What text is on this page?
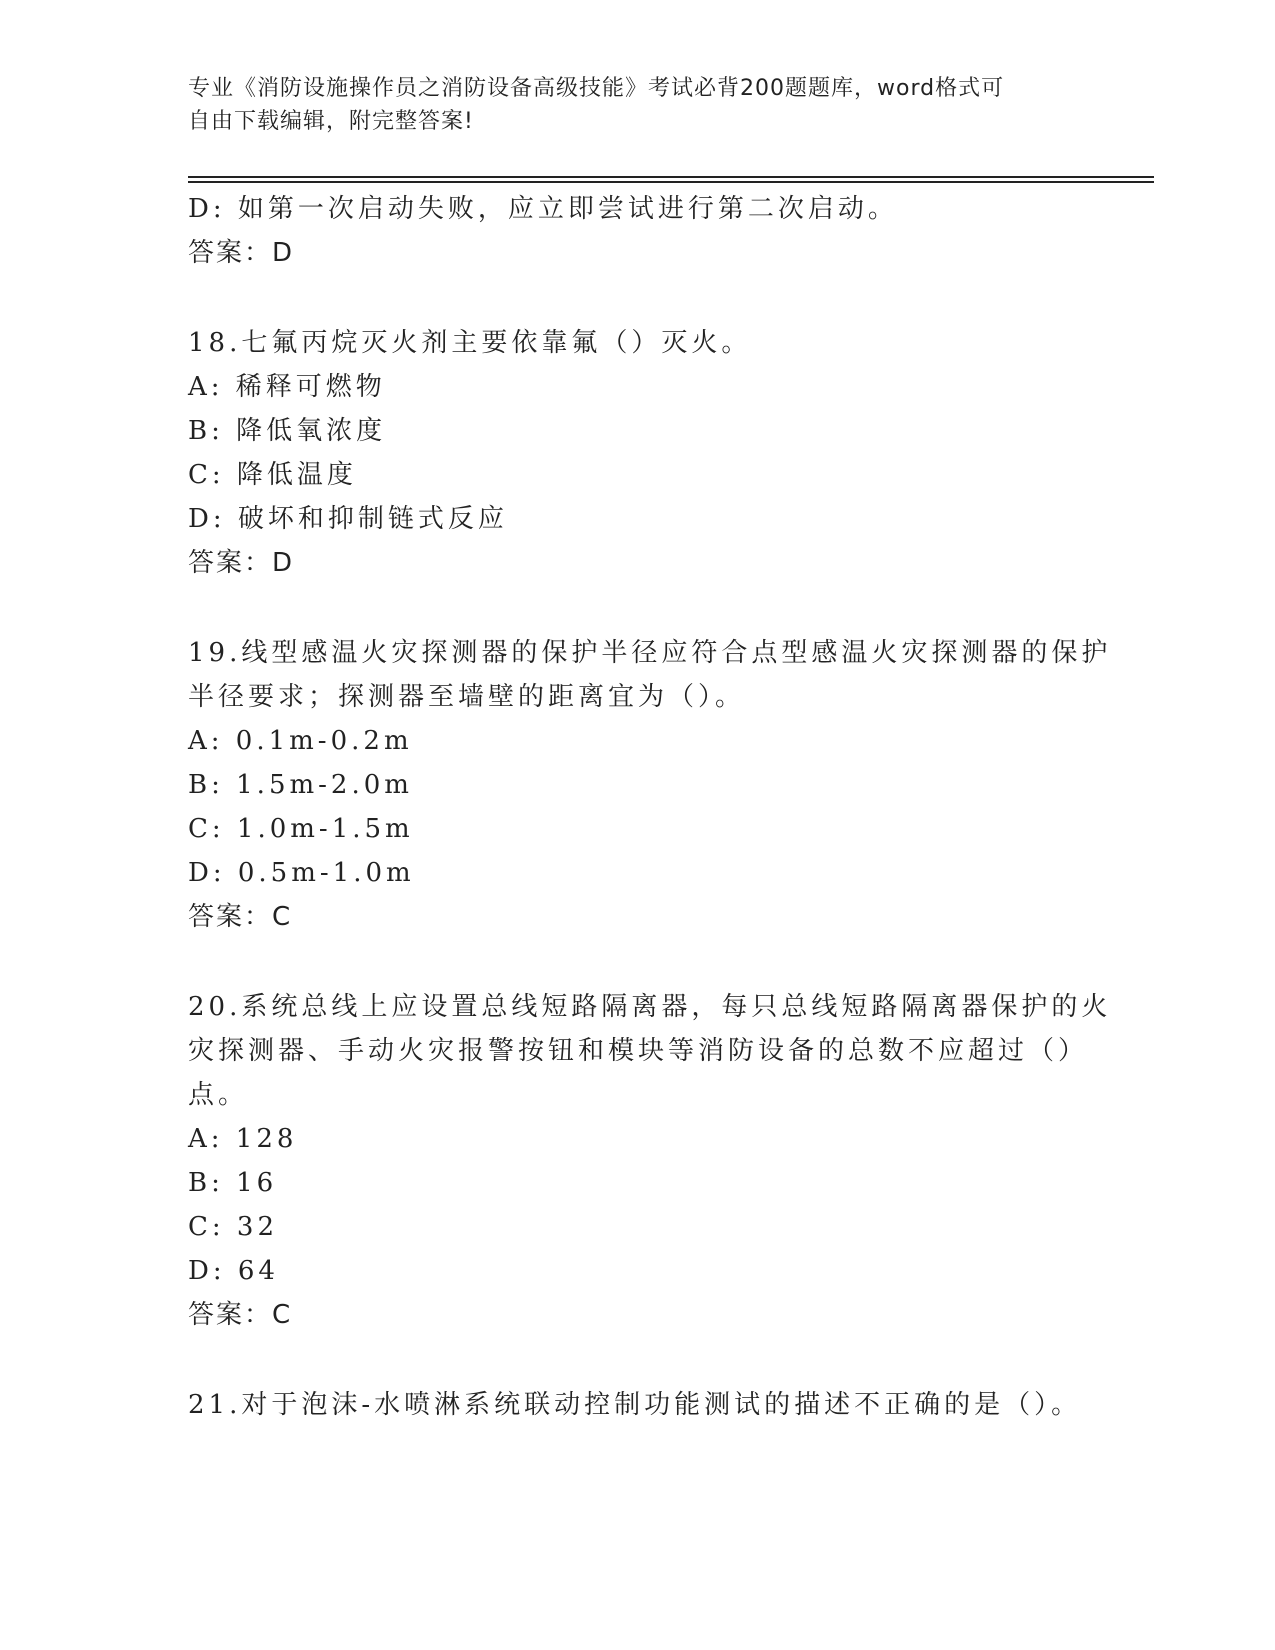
专业《消防设施操作员之消防设备高级技能》考试必背200题题库，word格式可
自由下载编辑，附完整答案!
D: 如第一次启动失败，应立即尝试进行第二次启动。
答案：D
18.七氟丙烷灭火剂主要依靠氟（）灭火。
A: 稀释可燃物
B: 降低氧浓度
C: 降低温度
D: 破坏和抑制链式反应
答案：D
19.线型感温火灾探测器的保护半径应符合点型感温火灾探测器的保护
半径要求；探测器至墙壁的距离宜为（）。
A: 0.1m-0.2m
B: 1.5m-2.0m
C: 1.0m-1.5m
D: 0.5m-1.0m
答案：C
20.系统总线上应设置总线短路隔离器，每只总线短路隔离器保护的火
灾探测器、手动火灾报警按钮和模块等消防设备的总数不应超过（）
点。
A: 128
B: 16
C: 32
D: 64
答案：C
21.对于泡沫-水喷淋系统联动控制功能测试的描述不正确的是（）。
